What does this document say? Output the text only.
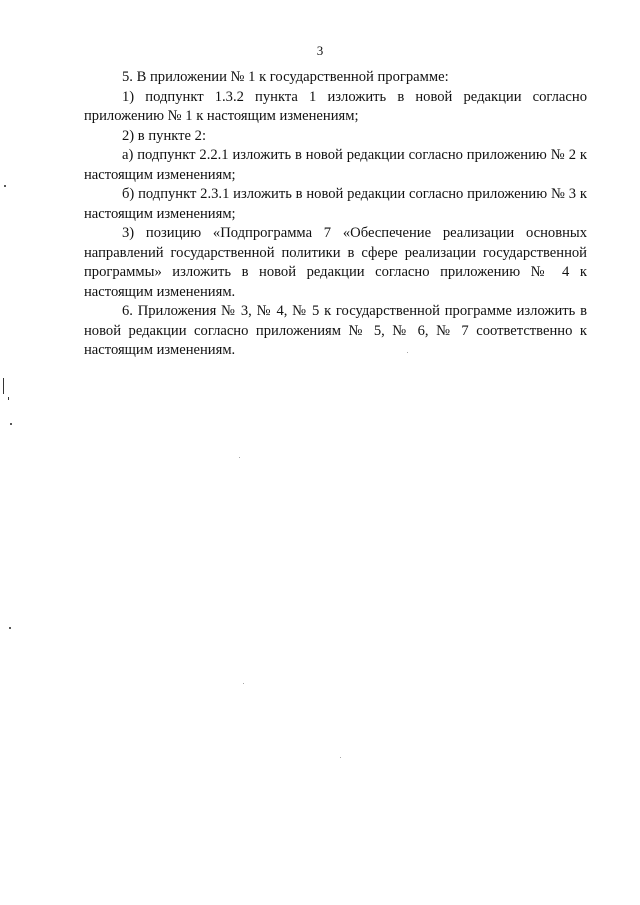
3

5. В приложении № 1 к государственной программе:

1) подпункт 1.3.2 пункта 1 изложить в новой редакции согласно приложению № 1 к настоящим изменениям;

2) в пункте 2:

а) подпункт 2.2.1 изложить в новой редакции согласно приложению № 2 к настоящим изменениям;

б) подпункт 2.3.1 изложить в новой редакции согласно приложению № 3 к настоящим изменениям;

3) позицию «Подпрограмма 7 «Обеспечение реализации основных направлений государственной политики в сфере реализации государственной программы» изложить в новой редакции согласно приложению № 4 к настоящим изменениям.

6. Приложения № 3, № 4, № 5 к государственной программе изложить в новой редакции согласно приложениям № 5, № 6, № 7 соответственно к настоящим изменениям.
